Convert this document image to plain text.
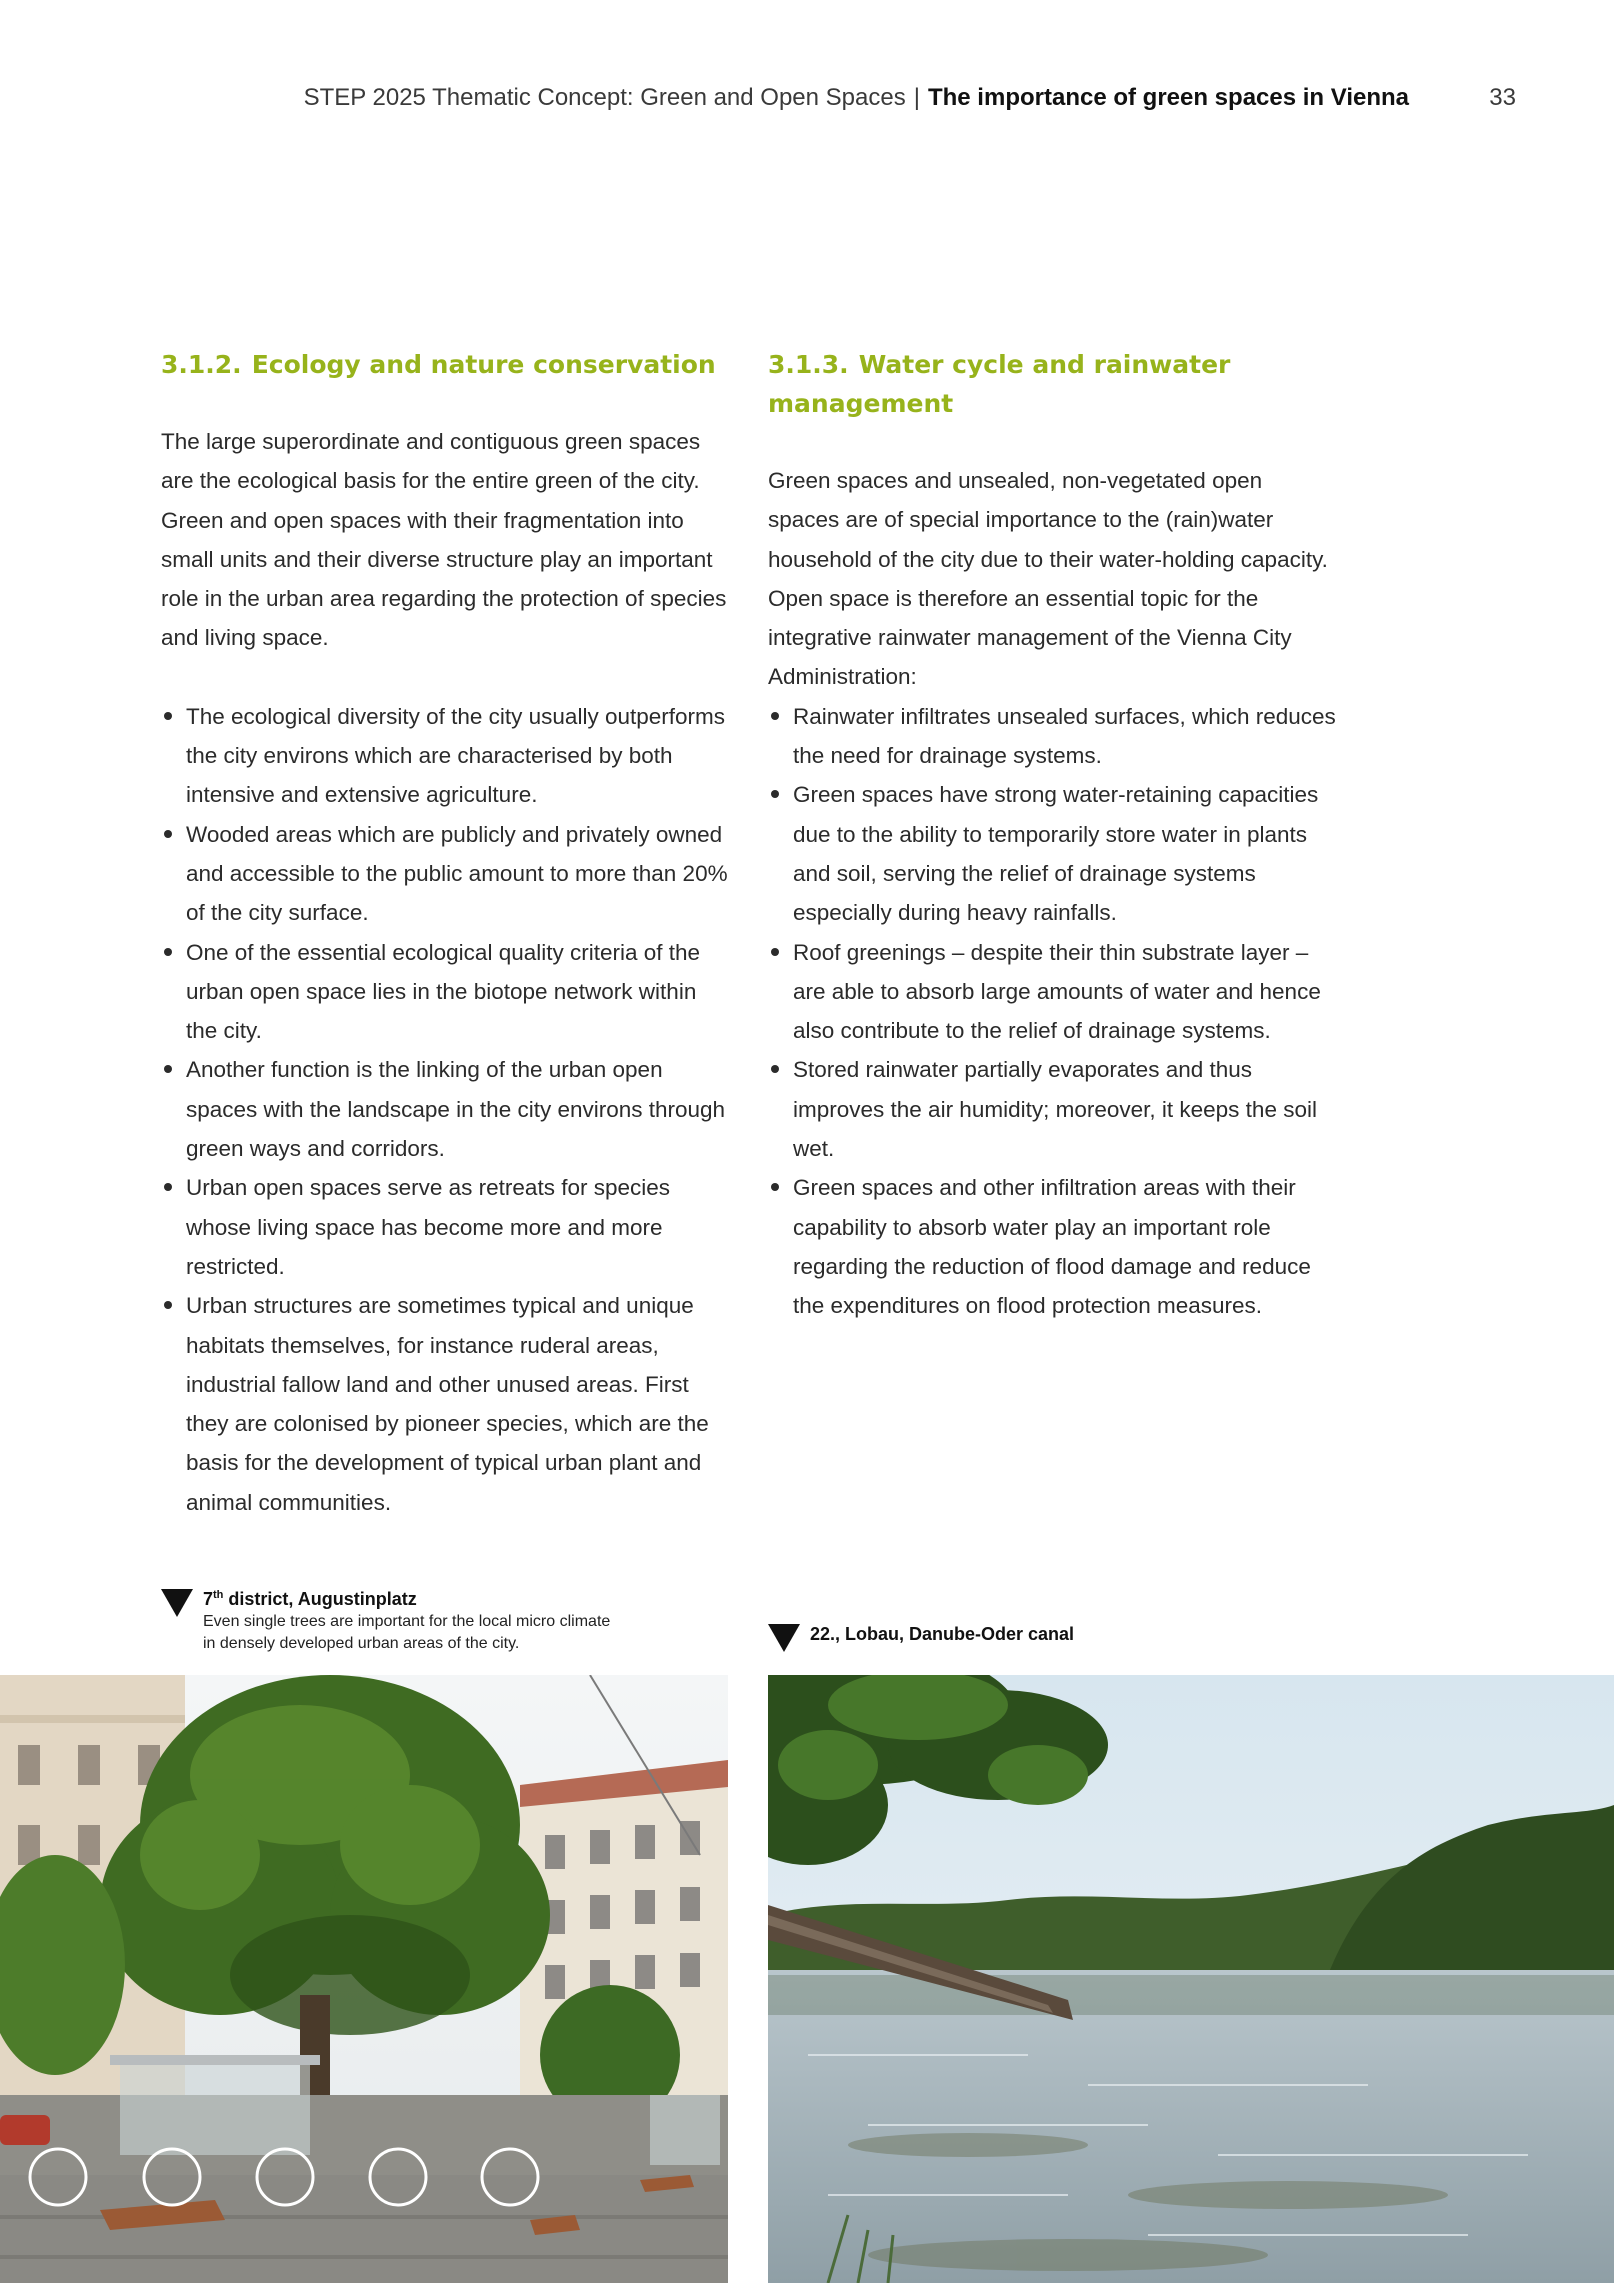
STEP 2025 Thematic Concept: Green and Open Spaces | The importance of green spaces in Vienna	33
3.1.2. Ecology and nature conservation

The large superordinate and contiguous green spaces are the ecological basis for the entire green of the city. Green and open spaces with their fragmentation into small units and their diverse structure play an important role in the urban area regarding the protection of species and living space.

The ecological diversity of the city usually outperforms the city environs which are characterised by both intensive and extensive agriculture.
Wooded areas which are publicly and privately owned and accessible to the public amount to more than 20% of the city surface.
One of the essential ecological quality criteria of the urban open space lies in the biotope network within the city.
Another function is the linking of the urban open spaces with the landscape in the city environs through green ways and corridors.
Urban open spaces serve as retreats for species whose living space has become more and more restricted.
Urban structures are sometimes typical and unique habitats themselves, for instance ruderal areas, industrial fallow land and other unused areas. First they are colonised by pioneer species, which are the basis for the development of typical urban plant and animal communities.
3.1.3. Water cycle and rainwater management

Green spaces and unsealed, non-vegetated open spaces are of special importance to the (rain)water household of the city due to their water-holding capacity. Open space is therefore an essential topic for the integrative rainwater management of the Vienna City Administration:

Rainwater infiltrates unsealed surfaces, which reduces the need for drainage systems.
Green spaces have strong water-retaining capacities due to the ability to temporarily store water in plants and soil, serving the relief of drainage systems especially during heavy rainfalls.
Roof greenings – despite their thin substrate layer – are able to absorb large amounts of water and hence also contribute to the relief of drainage systems.
Stored rainwater partially evaporates and thus improves the air humidity; moreover, it keeps the soil wet.
Green spaces and other infiltration areas with their capability to absorb water play an important role regarding the reduction of flood damage and reduce the expenditures on flood protection measures.
7th district, Augustinplatz
Even single trees are important for the local micro climate
in densely developed urban areas of the city.	22., Lobau, Danube-Oder canal
